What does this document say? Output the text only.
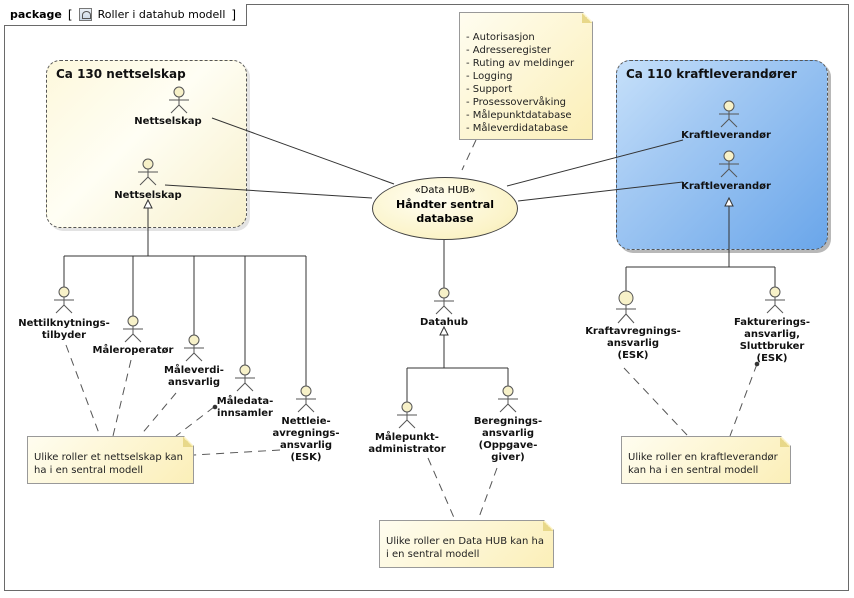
package [ Roller i datahub modell ]
Ca 130 nettselskap	Ca 110 kraftleverandører
- Autorisasjon
- Adresseregister
- Ruting av meldinger
- Logging
- Support
- Prosessovervåking
- Målepunktdatabase
- Måleverdidatabase
Ulike roller et nettselskap kan ha i en sentral modell
Ulike roller en Data HUB kan ha i en sentral modell
Ulike roller en kraftleverandør kan ha i en sentral modell
«Data HUB»
Håndter sentral
database
Nettselskap
Nettselskap
Kraftleverandør
Kraftleverandør
Nettilknytnings-
tilbyder
Måleroperatør
Måleverdi-
ansvarlig
Måledata-
innsamler
Nettleie-
avregnings-
ansvarlig
(ESK)
Datahub
Målepunkt-
administrator
Beregnings-
ansvarlig
(Oppgave-
giver)
Kraftavregnings-
ansvarlig
(ESK)
Fakturerings-
ansvarlig,
Sluttbruker
(ESK)
